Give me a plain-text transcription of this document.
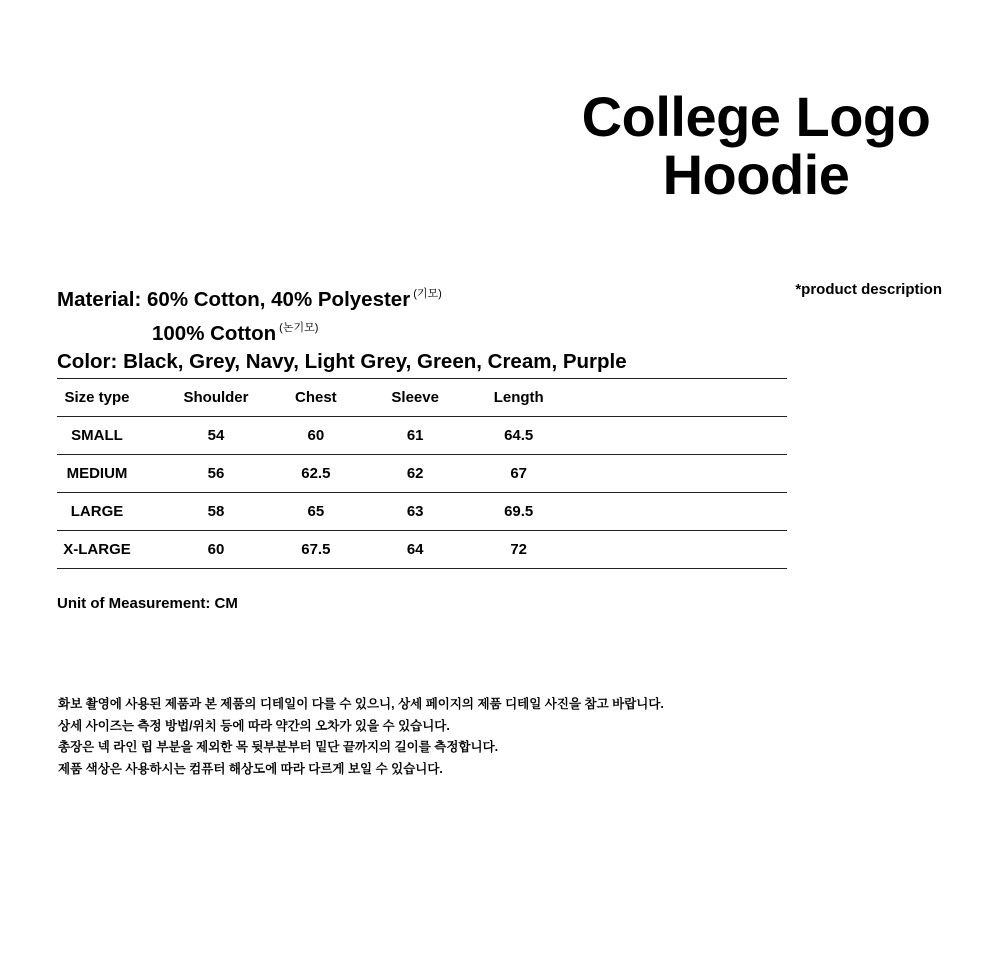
College Logo
Hoodie
*product description
Material: 60% Cotton, 40% Polyester $^{(기모)}$
100% Cotton $^{(논기모)}$
Color: Black, Grey, Navy, Light Grey, Green, Cream, Purple
Size type	Shoulder	Chest	Sleeve	Length	
SMALL	54	60	61	64.5	
MEDIUM	56	62.5	62	67	
LARGE	58	65	63	69.5	
X-LARGE	60	67.5	64	72	
Unit of Measurement: CM
화보 촬영에 사용된 제품과 본 제품의 디테일이 다를 수 있으니, 상세 페이지의 제품 디테일 사진을 참고 바랍니다.
상세 사이즈는 측정 방법/위치 등에 따라 약간의 오차가 있을 수 있습니다.
총장은 넥 라인 립 부분을 제외한 목 뒷부분부터 밑단 끝까지의 길이를 측정합니다.
제품 색상은 사용하시는 컴퓨터 해상도에 따라 다르게 보일 수 있습니다.
